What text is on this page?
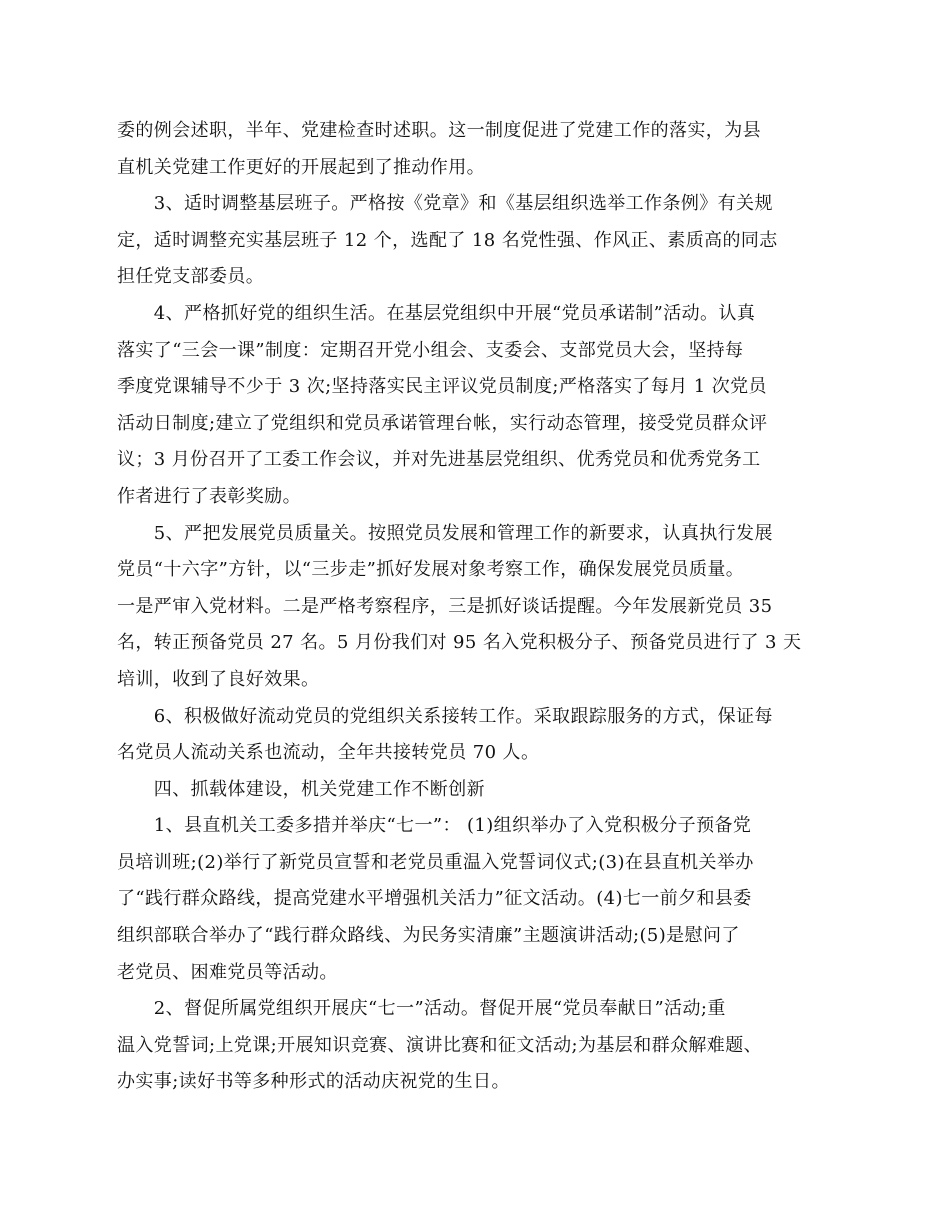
委的例会述职，半年、党建检查时述职。这一制度促进了党建工作的落实，为县
直机关党建工作更好的开展起到了推动作用。
　　3、适时调整基层班子。严格按《党章》和《基层组织选举工作条例》有关规
定，适时调整充实基层班子 12 个，选配了 18 名党性强、作风正、素质高的同志
担任党支部委员。
　　4、严格抓好党的组织生活。在基层党组织中开展“党员承诺制”活动。认真
落实了“三会一课”制度：定期召开党小组会、支委会、支部党员大会，坚持每
季度党课辅导不少于 3 次;坚持落实民主评议党员制度;严格落实了每月 1 次党员
活动日制度;建立了党组织和党员承诺管理台帐，实行动态管理，接受党员群众评
议；3 月份召开了工委工作会议，并对先进基层党组织、优秀党员和优秀党务工
作者进行了表彰奖励。
　　5、严把发展党员质量关。按照党员发展和管理工作的新要求，认真执行发展
党员“十六字”方针，以“三步走”抓好发展对象考察工作，确保发展党员质量。
一是严审入党材料。二是严格考察程序，三是抓好谈话提醒。今年发展新党员 35
名，转正预备党员 27 名。5 月份我们对 95 名入党积极分子、预备党员进行了 3 天
培训，收到了良好效果。
　　6、积极做好流动党员的党组织关系接转工作。采取跟踪服务的方式，保证每
名党员人流动关系也流动，全年共接转党员 70 人。
　　四、抓载体建设，机关党建工作不断创新
　　1、县直机关工委多措并举庆“七一”： (1)组织举办了入党积极分子预备党
员培训班;(2)举行了新党员宣誓和老党员重温入党誓词仪式;(3)在县直机关举办
了“践行群众路线，提高党建水平增强机关活力”征文活动。(4)七一前夕和县委
组织部联合举办了“践行群众路线、为民务实清廉”主题演讲活动;(5)是慰问了
老党员、困难党员等活动。
　　2、督促所属党组织开展庆“七一”活动。督促开展“党员奉献日”活动;重
温入党誓词;上党课;开展知识竞赛、演讲比赛和征文活动;为基层和群众解难题、
办实事;读好书等多种形式的活动庆祝党的生日。
